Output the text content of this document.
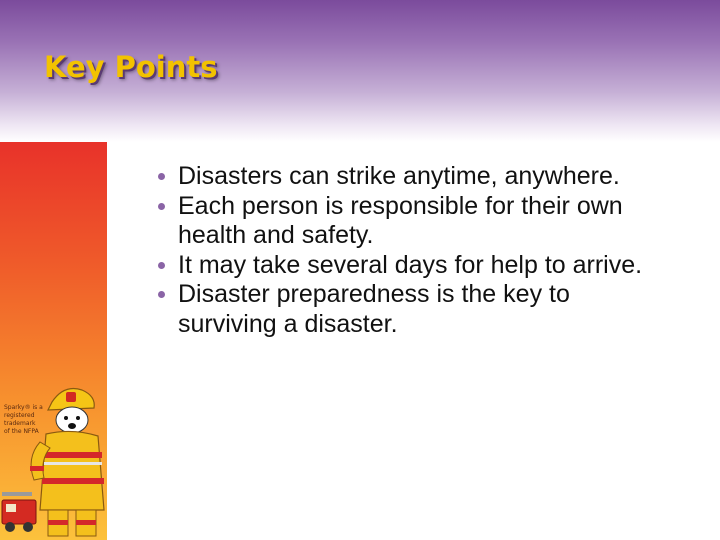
Key Points
Sparky® is a
registered
trademark
of the NFPA
Disasters can strike anytime, anywhere.
Each person is responsible for their own health and safety.
It may take several days for help to arrive.
Disaster preparedness is the key to surviving a disaster.
